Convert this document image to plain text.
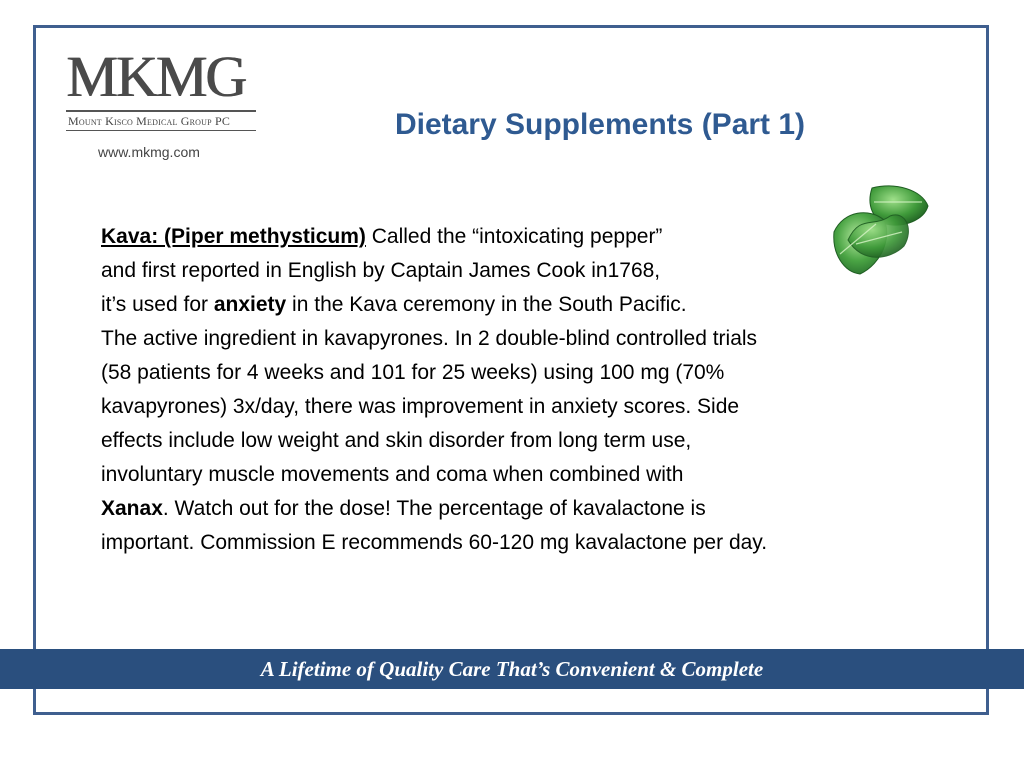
MKMG
Mount Kisco Medical Group PC
www.mkmg.com
Dietary Supplements (Part 1)

Kava: (Piper methysticum) Called the “intoxicating pepper”

and first reported in English by Captain James Cook in1768,

it’s used for anxiety in the Kava ceremony in the South Pacific.

The active ingredient in kavapyrones. In 2 double-blind controlled trials

(58 patients for 4 weeks and 101 for 25 weeks) using 100 mg (70%

kavapyrones) 3x/day, there was improvement in anxiety scores. Side

effects include low weight and skin disorder from long term use,

involuntary muscle movements and coma when combined with

Xanax. Watch out for the dose! The percentage of kavalactone is

important. Commission E recommends 60-120 mg kavalactone per day.

A Lifetime of Quality Care That’s Convenient & Complete
